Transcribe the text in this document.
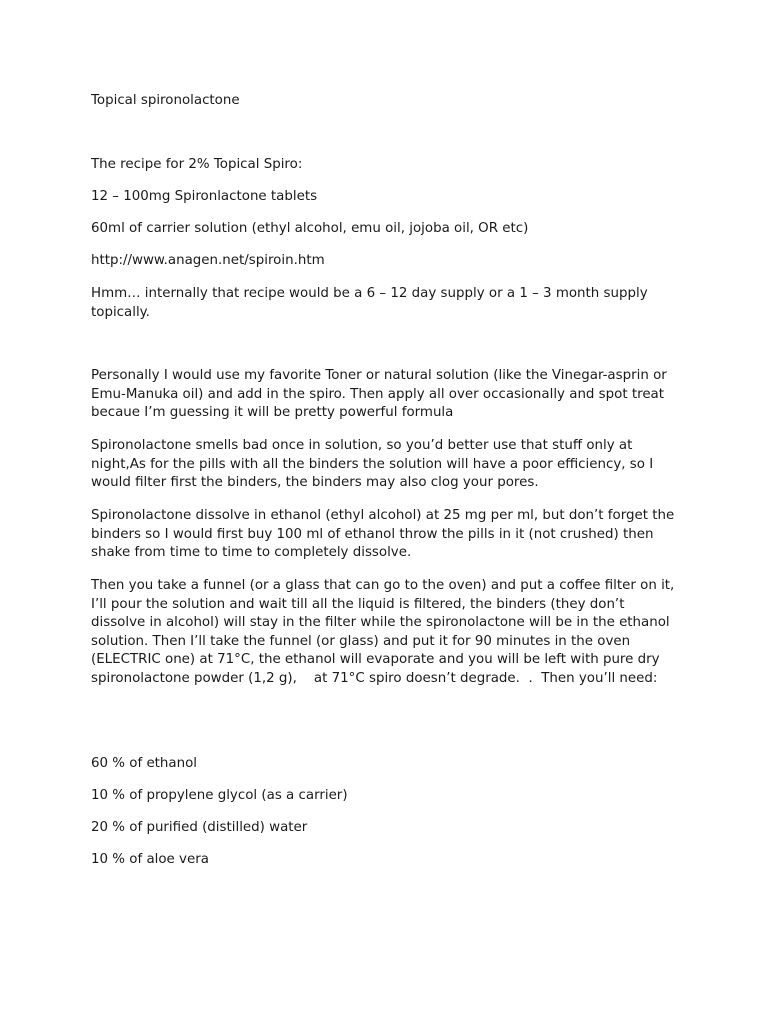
Topical spironolactone

The recipe for 2% Topical Spiro:

12 – 100mg Spironlactone tablets

60ml of carrier solution (ethyl alcohol, emu oil, jojoba oil, OR etc)

http://www.anagen.net/spiroin.htm

Hmm… internally that recipe would be a 6 – 12 day supply or a 1 – 3 month supply topically.

Personally I would use my favorite Toner or natural solution (like the Vinegar-asprin or Emu-Manuka oil) and add in the spiro. Then apply all over occasionally and spot treat becaue I’m guessing it will be pretty powerful formula

Spironolactone smells bad once in solution, so you’d better use that stuff only at night,As for the pills with all the binders the solution will have a poor efficiency, so I would filter first the binders, the binders may also clog your pores.

Spironolactone dissolve in ethanol (ethyl alcohol) at 25 mg per ml, but don’t forget the binders so I would first buy 100 ml of ethanol throw the pills in it (not crushed) then shake from time to time to completely dissolve.

Then you take a funnel (or a glass that can go to the oven) and put a coffee filter on it, I’ll pour the solution and wait till all the liquid is filtered, the binders (they don’t dissolve in alcohol) will stay in the filter while the spironolactone will be in the ethanol solution. Then I’ll take the funnel (or glass) and put it for 90 minutes in the oven (ELECTRIC one) at 71°C, the ethanol will evaporate and you will be left with pure dry spironolactone powder (1,2 g),    at 71°C spiro doesn’t degrade.  .  Then you’ll need:

60 % of ethanol

10 % of propylene glycol (as a carrier)

20 % of purified (distilled) water

10 % of aloe vera
